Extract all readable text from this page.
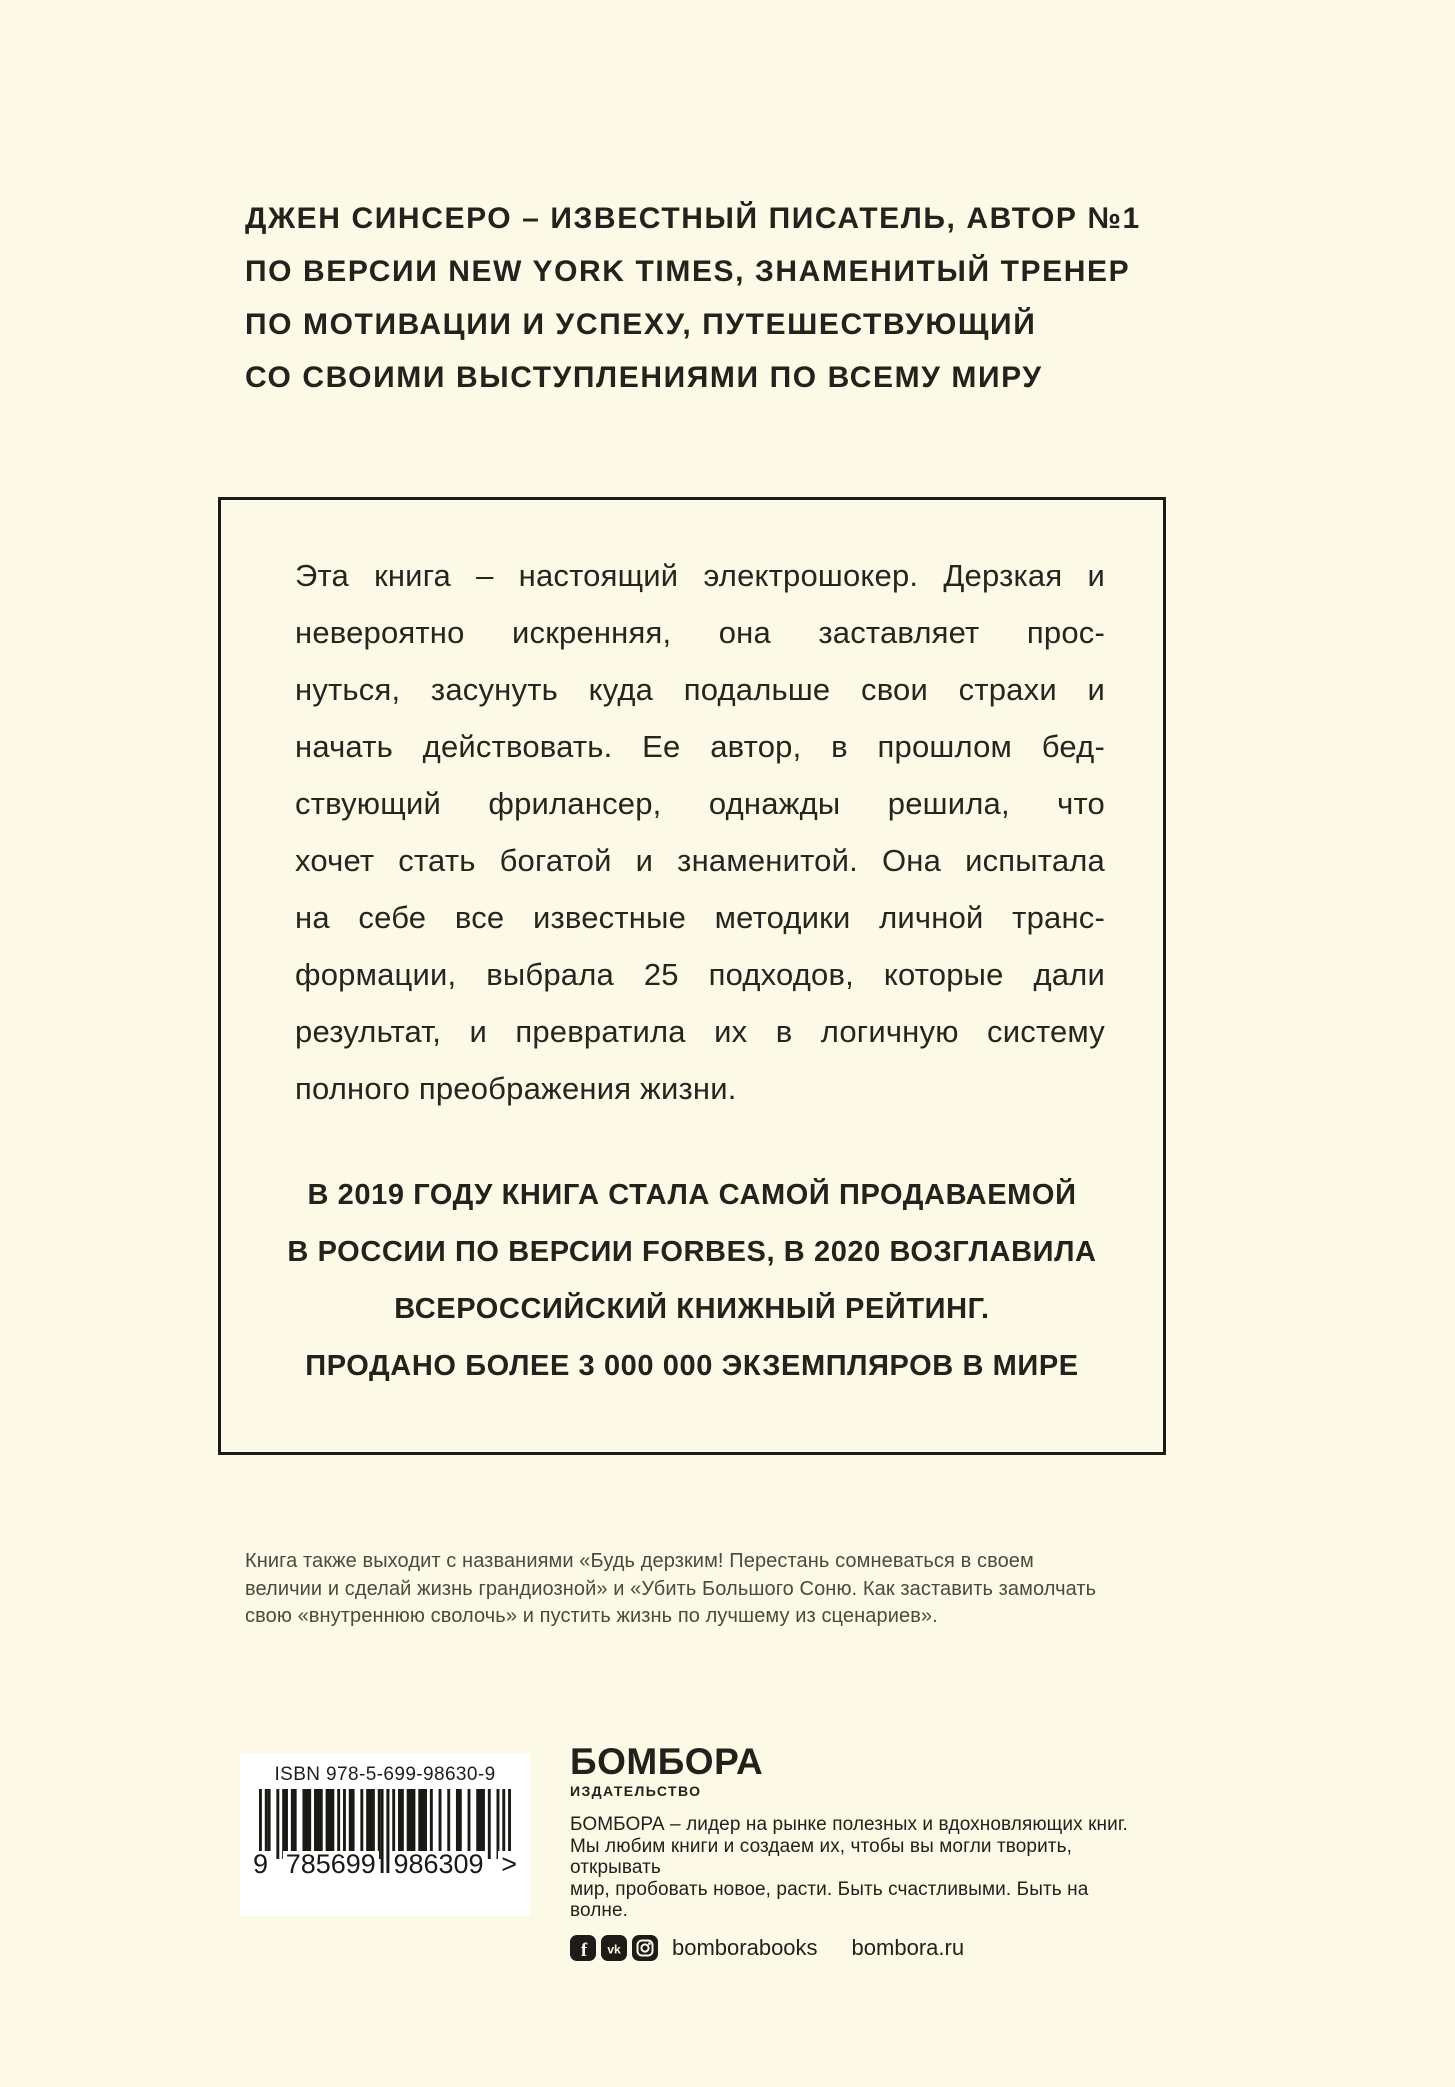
ДЖЕН СИНСЕРО – ИЗВЕСТНЫЙ ПИСАТЕЛЬ, АВТОР №1
ПО ВЕРСИИ NEW YORK TIMES, ЗНАМЕНИТЫЙ ТРЕНЕР
ПО МОТИВАЦИИ И УСПЕХУ, ПУТЕШЕСТВУЮЩИЙ
СО СВОИМИ ВЫСТУПЛЕНИЯМИ ПО ВСЕМУ МИРУ
Эта книга – настоящий электрошокер. Дерзкая и
невероятно искренняя, она заставляет прос-
нуться, засунуть куда подальше свои страхи и
начать действовать. Ее автор, в прошлом бед-
ствующий фрилансер, однажды решила, что
хочет стать богатой и знаменитой. Она испытала
на себе все известные методики личной транс-
формации, выбрала 25 подходов, которые дали
результат, и превратила их в логичную систему
полного преображения жизни.
В 2019 ГОДУ КНИГА СТАЛА САМОЙ ПРОДАВАЕМОЙ
В РОССИИ ПО ВЕРСИИ FORBES, В 2020 ВОЗГЛАВИЛА
ВСЕРОССИЙСКИЙ КНИЖНЫЙ РЕЙТИНГ.
ПРОДАНО БОЛЕЕ 3 000 000 ЭКЗЕМПЛЯРОВ В МИРЕ
Книга также выходит с названиями «Будь дерзким! Перестань сомневаться в своем
величии и сделай жизнь грандиозной» и «Убить Большого Соню. Как заставить замолчать
свою «внутреннюю сволочь» и пустить жизнь по лучшему из сценариев».
ISBN 978-5-699-98630-9
9 785699 986309 >
БОМБОРА
ИЗДАТЕЛЬСТВО
БОМБОРА – лидер на рынке полезных и вдохновляющих книг.
Мы любим книги и создаем их, чтобы вы могли творить, открывать
мир, пробовать новое, расти. Быть счастливыми. Быть на волне.
f vk bomborabooks bombora.ru
